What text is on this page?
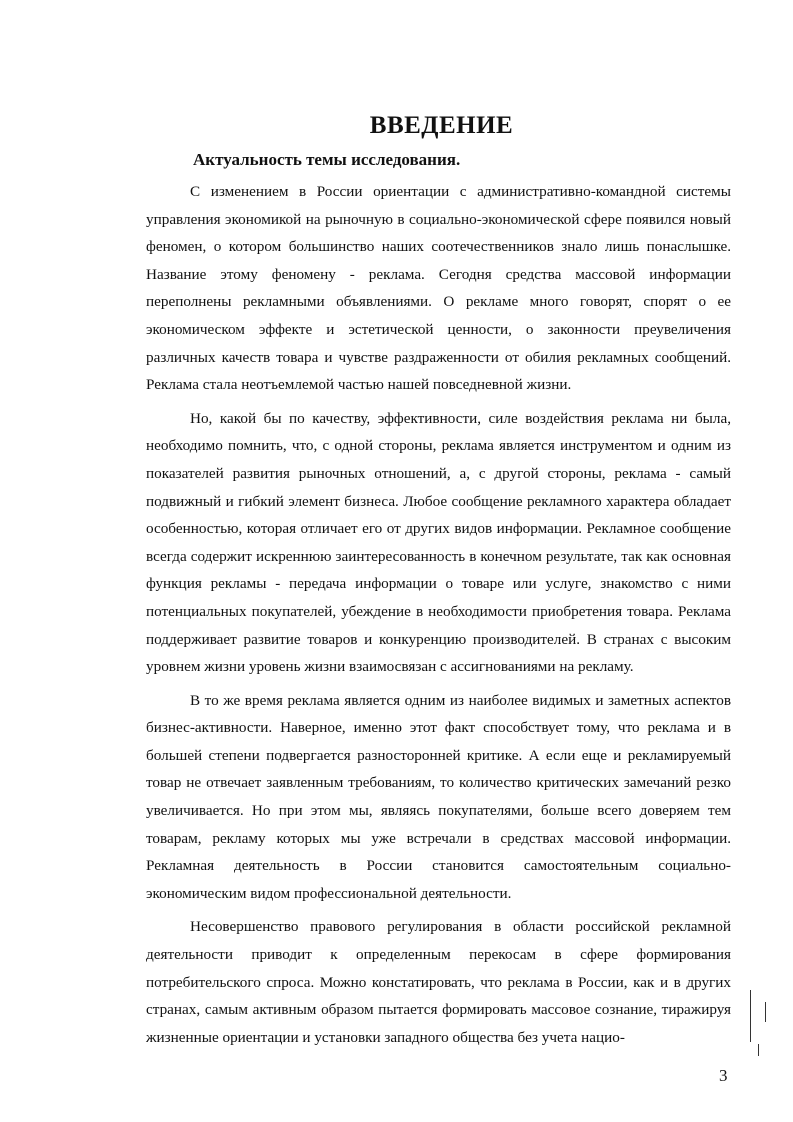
ВВЕДЕНИЕ
Актуальность темы исследования.

С изменением в России ориентации с административно-командной системы управления экономикой на рыночную в социально-экономической сфере появился новый феномен, о котором большинство наших соотечественников знало лишь понаслышке. Название этому феномену - реклама. Сегодня средства массовой информации переполнены рекламными объявлениями. О рекламе много говорят, спорят о ее экономическом эффекте и эстетической ценности, о законности преувеличения различных качеств товара и чувстве раздраженности от обилия рекламных сообщений. Реклама стала неотъемлемой частью нашей повседневной жизни.

Но, какой бы по качеству, эффективности, силе воздействия реклама ни была, необходимо помнить, что, с одной стороны, реклама является инструментом и одним из показателей развития рыночных отношений, а, с другой стороны, реклама - самый подвижный и гибкий элемент бизнеса. Любое сообщение рекламного характера обладает особенностью, которая отличает его от других видов информации. Рекламное сообщение всегда содержит искреннюю заинтересованность в конечном результате, так как основная функция рекламы - передача информации о товаре или услуге, знакомство с ними потенциальных покупателей, убеждение в необходимости приобретения товара. Реклама поддерживает развитие товаров и конкуренцию производителей. В странах с высоким уровнем жизни уровень жизни взаимосвязан с ассигнованиями на рекламу.

В то же время реклама является одним из наиболее видимых и заметных аспектов бизнес-активности. Наверное, именно этот факт способствует тому, что реклама и в большей степени подвергается разносторонней критике. А если еще и рекламируемый товар не отвечает заявленным требованиям, то количество критических замечаний резко увеличивается. Но при этом мы, являясь покупателями, больше всего доверяем тем товарам, рекламу которых мы уже встречали в средствах массовой информации. Рекламная деятельность в России становится самостоятельным социально-экономическим видом профессиональной деятельности.

Несовершенство правового регулирования в области российской рекламной деятельности приводит к определенным перекосам в сфере формирования потребительского спроса. Можно констатировать, что реклама в России, как и в других странах, самым активным образом пытается формировать массовое сознание, тиражируя жизненные ориентации и установки западного общества без учета нацио-

3
